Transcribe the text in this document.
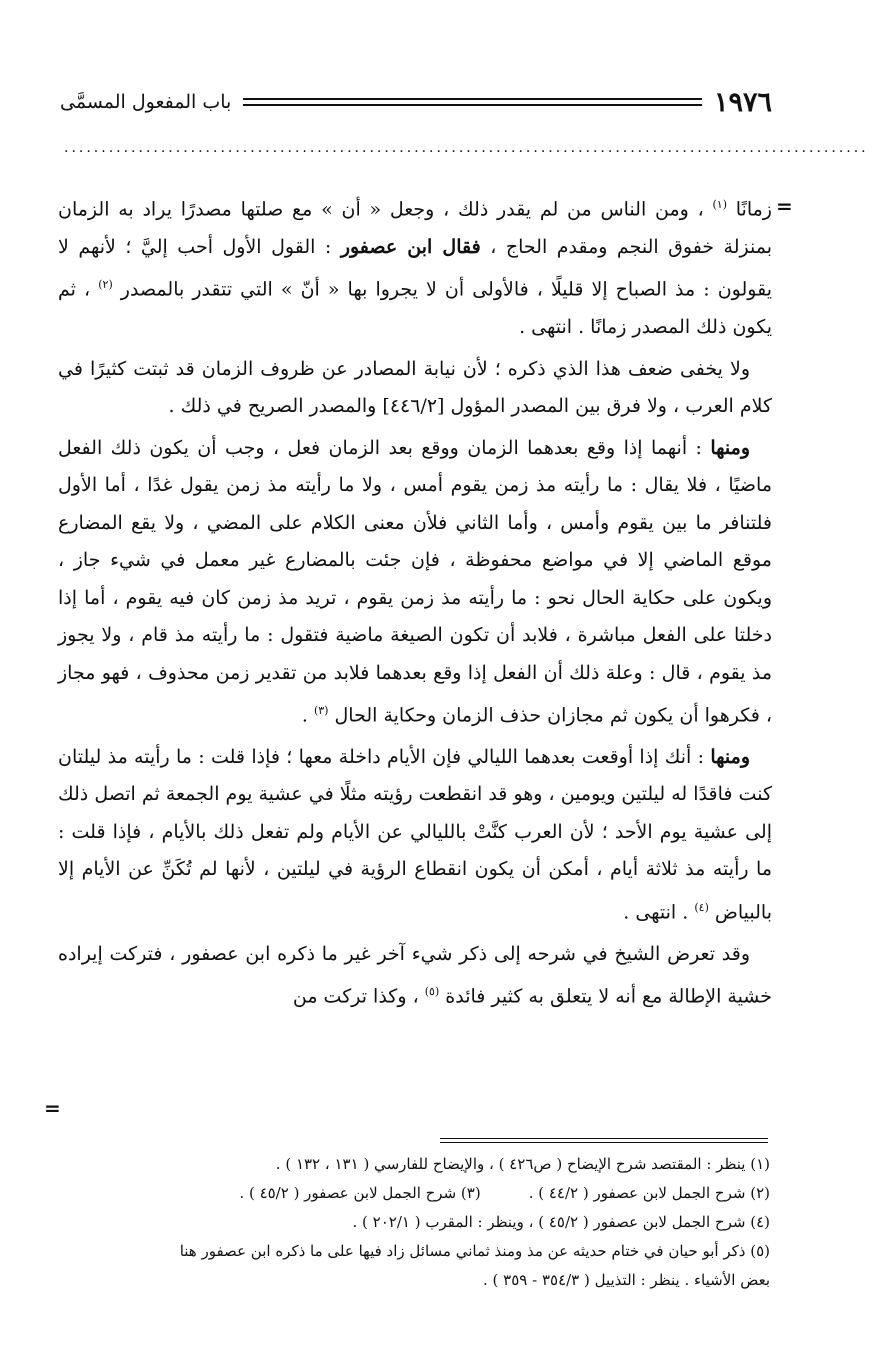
١٩٧٦
باب المفعول المسمَّى
............................................................................................................
=

زمانًا $^{(١)}$ ، ومن الناس من لم يقدر ذلك ، وجعل « أن » مع صلتها مصدرًا يراد به الزمان بمنزلة خفوق النجم ومقدم الحاج ، فقال ابن عصفور : القول الأول أحب إليَّ ؛ لأنهم لا يقولون : مذ الصباح إلا قليلًا ، فالأولى أن لا يجروا بها « أنّ » التي تتقدر بالمصدر $^{(٢)}$ ، ثم يكون ذلك المصدر زمانًا . انتهى .

ولا يخفى ضعف هذا الذي ذكره ؛ لأن نيابة المصادر عن ظروف الزمان قد ثبتت كثيرًا في كلام العرب ، ولا فرق بين المصدر المؤول [٤٤٦/٢] والمصدر الصريح في ذلك .

ومنها : أنهما إذا وقع بعدهما الزمان ووقع بعد الزمان فعل ، وجب أن يكون ذلك الفعل ماضيًا ، فلا يقال : ما رأيته مذ زمن يقوم أمس ، ولا ما رأيته مذ زمن يقول غدًا ، أما الأول فلتنافر ما بين يقوم وأمس ، وأما الثاني فلأن معنى الكلام على المضي ، ولا يقع المضارع موقع الماضي إلا في مواضع محفوظة ، فإن جئت بالمضارع غير معمل في شيء جاز ، ويكون على حكاية الحال نحو : ما رأيته مذ زمن يقوم ، تريد مذ زمن كان فيه يقوم ، أما إذا دخلتا على الفعل مباشرة ، فلابد أن تكون الصيغة ماضية فتقول : ما رأيته مذ قام ، ولا يجوز مذ يقوم ، قال : وعلة ذلك أن الفعل إذا وقع بعدهما فلابد من تقدير زمن محذوف ، فهو مجاز ، فكرهوا أن يكون ثم مجازان حذف الزمان وحكاية الحال $^{(٣)}$ .

ومنها : أنك إذا أوقعت بعدهما الليالي فإن الأيام داخلة معها ؛ فإذا قلت : ما رأيته مذ ليلتان كنت فاقدًا له ليلتين ويومين ، وهو قد انقطعت رؤيته مثلًا في عشية يوم الجمعة ثم اتصل ذلك إلى عشية يوم الأحد ؛ لأن العرب كنَّتْ بالليالي عن الأيام ولم تفعل ذلك بالأيام ، فإذا قلت : ما رأيته مذ ثلاثة أيام ، أمكن أن يكون انقطاع الرؤية في ليلتين ، لأنها لم تُكَنِّ عن الأيام إلا بالبياض $^{(٤)}$ . انتهى .

وقد تعرض الشيخ في شرحه إلى ذكر شيء آخر غير ما ذكره ابن عصفور ، فتركت إيراده خشية الإطالة مع أنه لا يتعلق به كثير فائدة $^{(٥)}$ ، وكذا تركت من

=
(١) ينظر : المقتصد شرح الإيضاح ( ص٤٢٦ ) ، والإيضاح للفارسي ( ١٣١ ، ١٣٢ ) .
(٢) شرح الجمل لابن عصفور ( ٤٤/٢ ) .
(٣) شرح الجمل لابن عصفور ( ٤٥/٢ ) .
(٤) شرح الجمل لابن عصفور ( ٤٥/٢ ) ، وينظر : المقرب ( ٢٠٢/١ ) .
(٥) ذكر أبو حيان في ختام حديثه عن مذ ومنذ ثماني مسائل زاد فيها على ما ذكره ابن عصفور هنا
بعض الأشياء . ينظر : التذييل ( ٣٥٤/٣ - ٣٥٩ ) .
